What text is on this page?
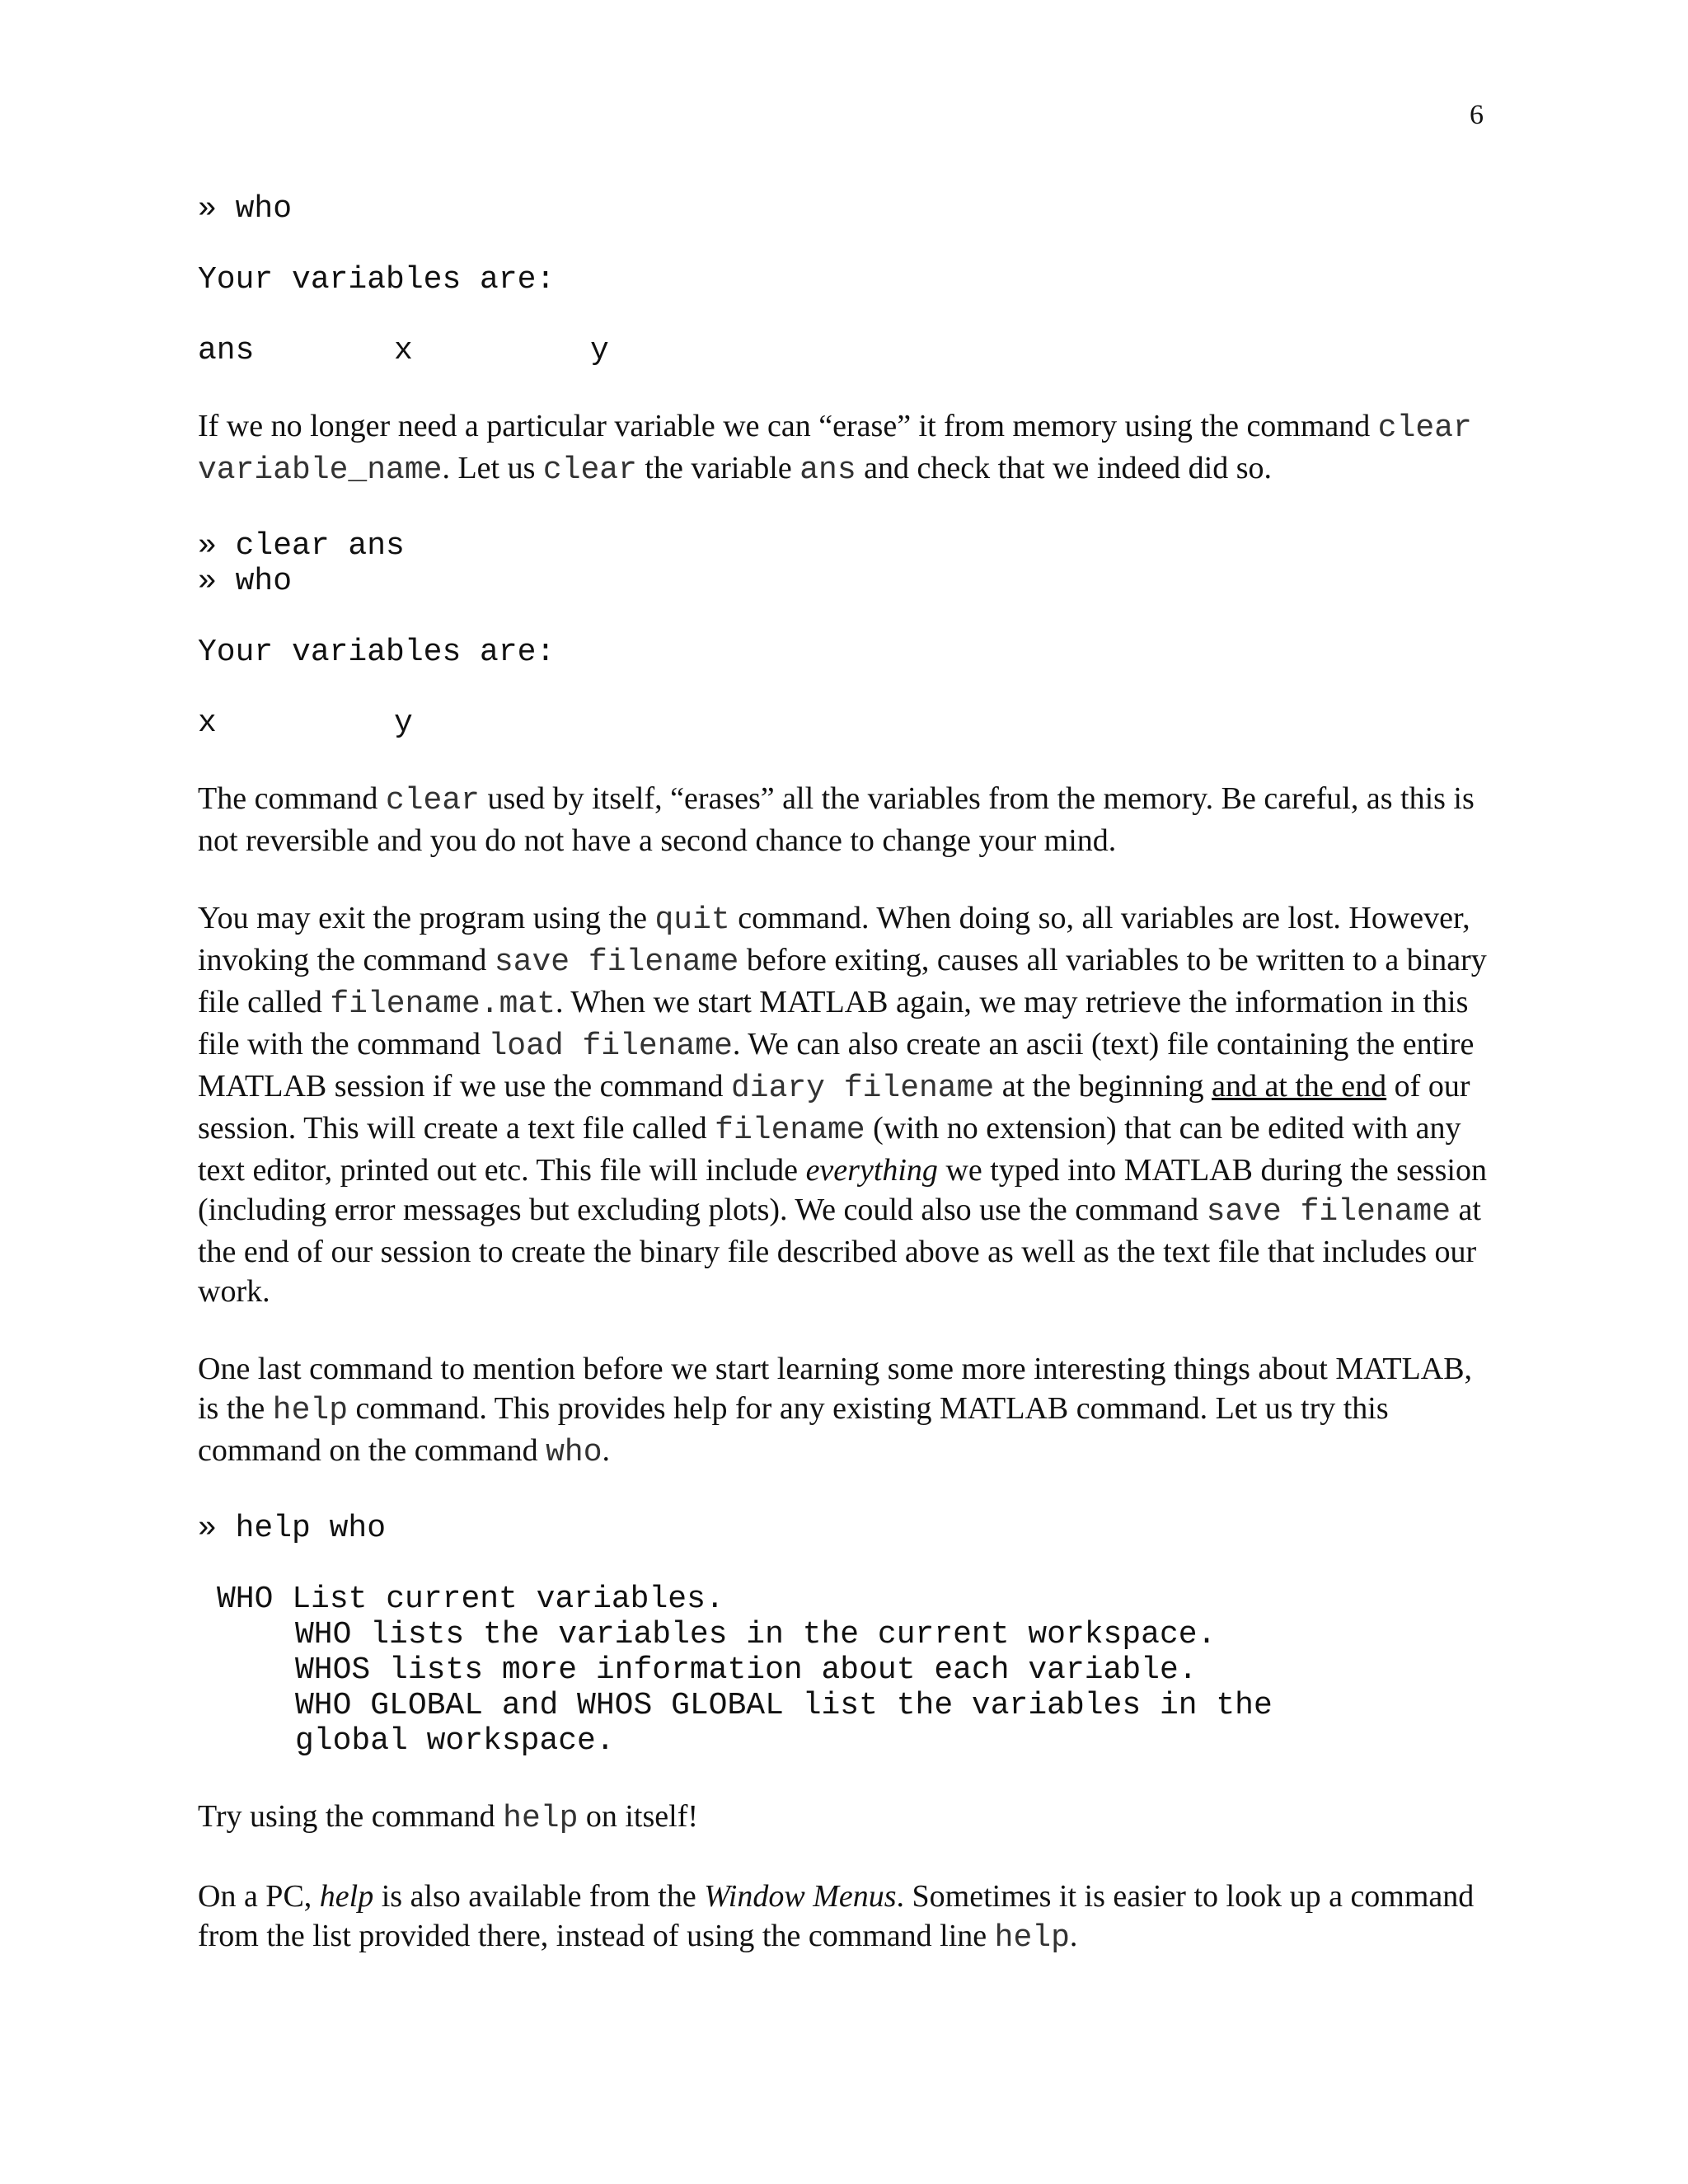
6

» who

Your variables are:

ans	x	y

If we no longer need a particular variable we can “erase” it from memory using the command clear variable_name. Let us clear the variable ans and check that we indeed did so.

» clear ans

» who

Your variables are:

x	y

The command clear used by itself, “erases” all the variables from the memory. Be careful, as this is not reversible and you do not have a second chance to change your mind.

You may exit the program using the quit command. When doing so, all variables are lost. However, invoking the command save filename before exiting, causes all variables to be written to a binary file called filename.mat. When we start MATLAB again, we may retrieve the information in this file with the command load filename. We can also create an ascii (text) file containing the entire MATLAB session if we use the command diary filename at the beginning and at the end of our session. This will create a text file called filename (with no extension) that can be edited with any text editor, printed out etc. This file will include everything we typed into MATLAB during the session (including error messages but excluding plots). We could also use the command save filename at the end of our session to create the binary file described above as well as the text file that includes our work.

One last command to mention before we start learning some more interesting things about MATLAB, is the help command. This provides help for any existing MATLAB command. Let us try this command on the command who.

» help who

WHO List current variables.

WHO lists the variables in the current workspace.

WHOS lists more information about each variable.

WHO GLOBAL and WHOS GLOBAL list the variables in the

global workspace.

Try using the command help on itself!

On a PC, help is also available from the Window Menus. Sometimes it is easier to look up a command from the list provided there, instead of using the command line help.
